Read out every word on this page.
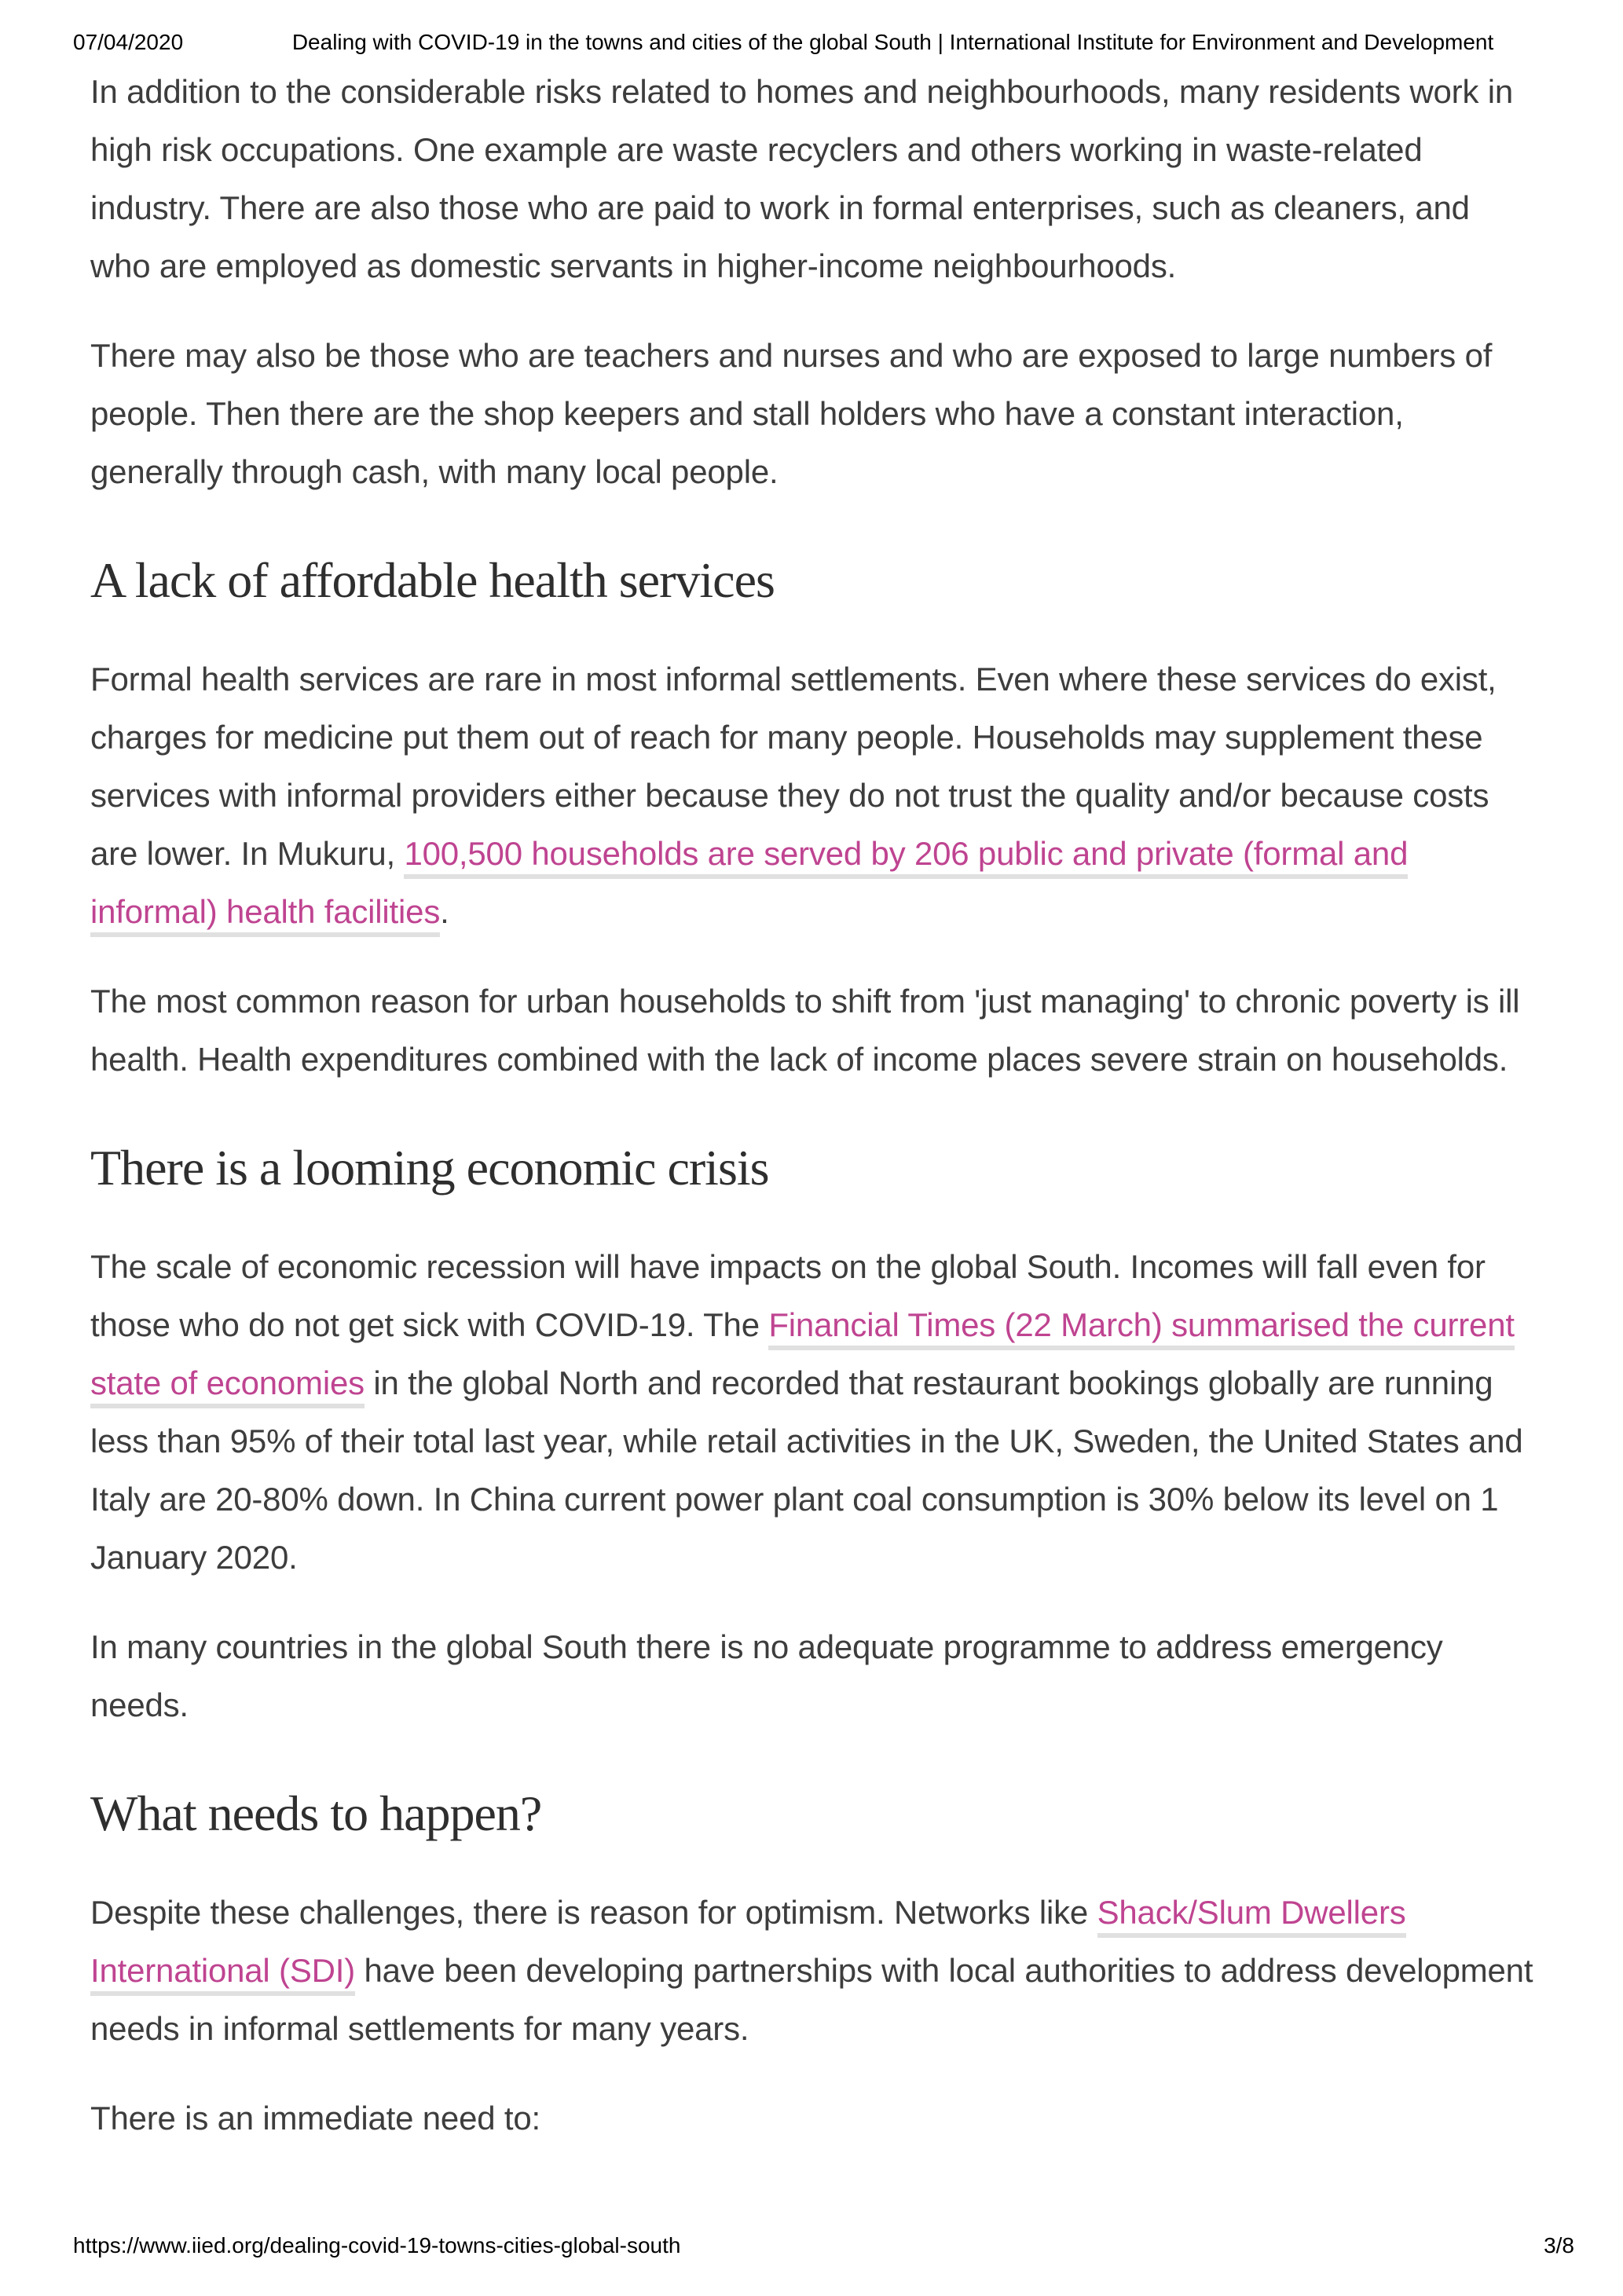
07/04/2020	Dealing with COVID-19 in the towns and cities of the global South | International Institute for Environment and Development

In addition to the considerable risks related to homes and neighbourhoods, many residents work in high risk occupations. One example are waste recyclers and others working in waste-related industry. There are also those who are paid to work in formal enterprises, such as cleaners, and who are employed as domestic servants in higher-income neighbourhoods.

There may also be those who are teachers and nurses and who are exposed to large numbers of people. Then there are the shop keepers and stall holders who have a constant interaction, generally through cash, with many local people.

A lack of affordable health services

Formal health services are rare in most informal settlements. Even where these services do exist, charges for medicine put them out of reach for many people. Households may supplement these services with informal providers either because they do not trust the quality and/or because costs are lower. In Mukuru, 100,500 households are served by 206 public and private (formal and informal) health facilities.

The most common reason for urban households to shift from 'just managing' to chronic poverty is ill health. Health expenditures combined with the lack of income places severe strain on households.

There is a looming economic crisis

The scale of economic recession will have impacts on the global South. Incomes will fall even for those who do not get sick with COVID-19. The Financial Times (22 March) summarised the current state of economies in the global North and recorded that restaurant bookings globally are running less than 95% of their total last year, while retail activities in the UK, Sweden, the United States and Italy are 20-80% down. In China current power plant coal consumption is 30% below its level on 1 January 2020.

In many countries in the global South there is no adequate programme to address emergency needs.

What needs to happen?

Despite these challenges, there is reason for optimism. Networks like Shack/Slum Dwellers International (SDI) have been developing partnerships with local authorities to address development needs in informal settlements for many years.

There is an immediate need to:

https://www.iied.org/dealing-covid-19-towns-cities-global-south	3/8
